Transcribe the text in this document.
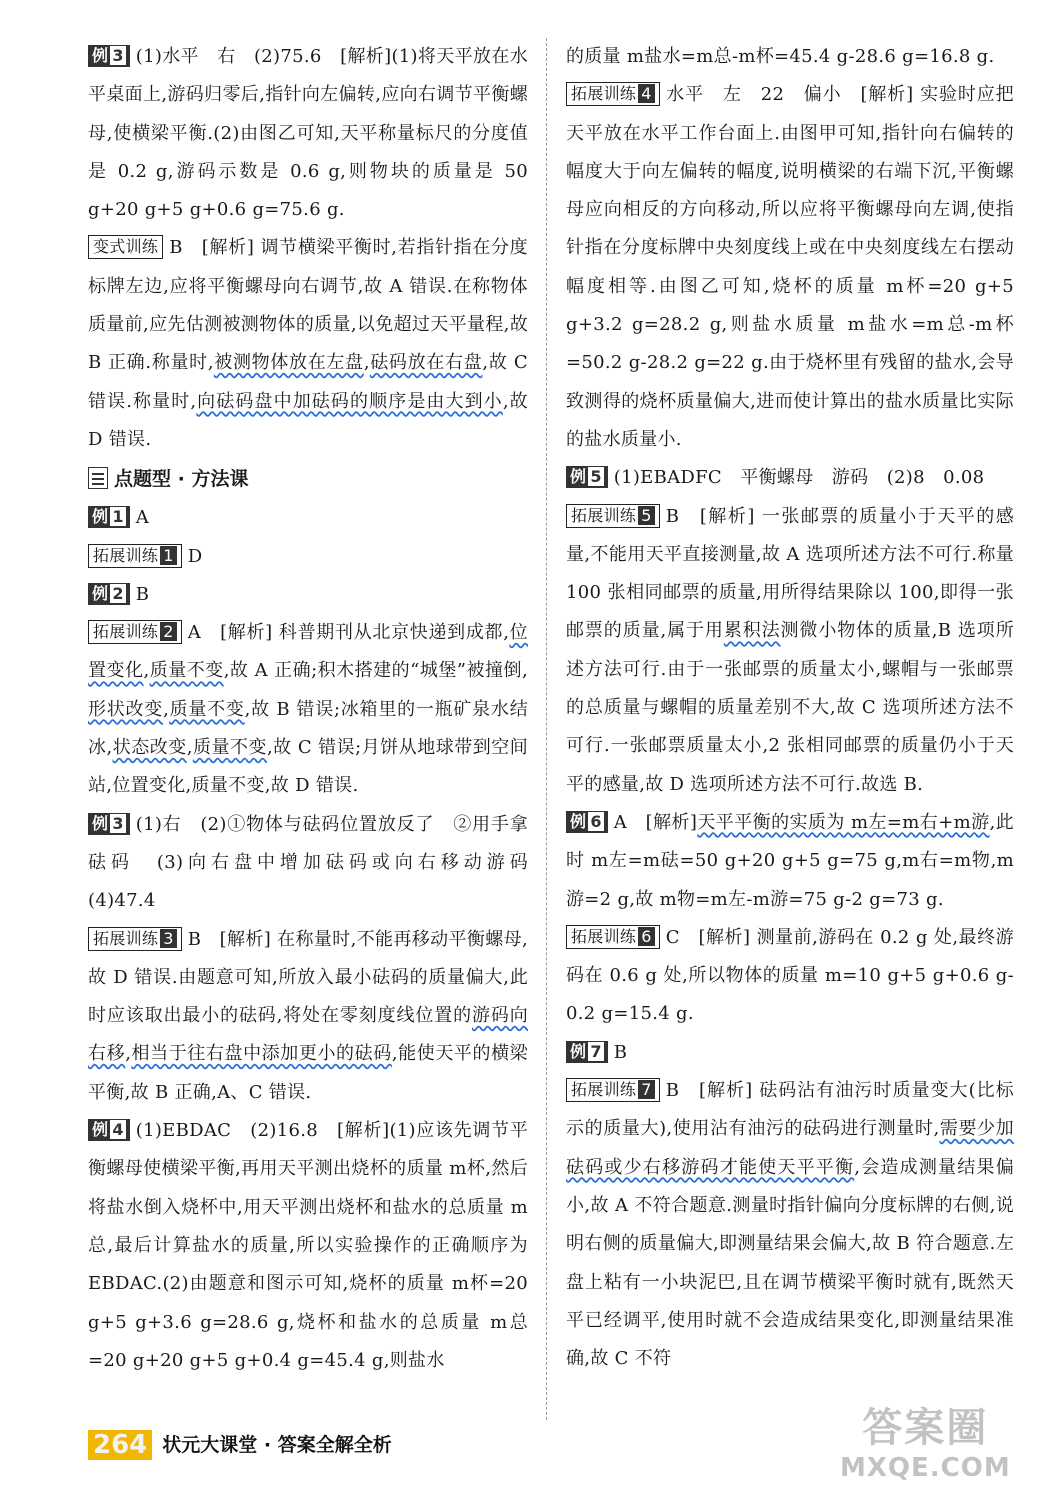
例 3 (1)水平　右　(2)75.6　[解析](1)将天平放在水平桌面上,游码归零后,指针向左偏转,应向右调节平衡螺母,使横梁平衡.(2)由图乙可知,天平称量标尺的分度值是 0.2 g,游码示数是 0.6 g,则物块的质量是 50 g+20 g+5 g+0.6 g=75.6 g.

变式训练 B　[解析] 调节横梁平衡时,若指针指在分度标牌左边,应将平衡螺母向右调节,故 A 错误.在称物体质量前,应先估测被测物体的质量,以免超过天平量程,故 B 正确.称量时,被测物体放在左盘,砝码放在右盘,故 C 错误.称量时,向砝码盘中加砝码的顺序是由大到小,故 D 错误.

点题型 · 方法课

例 1 A

拓展训练 1 D

例 2 B

拓展训练 2 A　[解析] 科普期刊从北京快递到成都,位置变化,质量不变,故 A 正确;积木搭建的“城堡”被撞倒,形状改变,质量不变,故 B 错误;冰箱里的一瓶矿泉水结冰,状态改变,质量不变,故 C 错误;月饼从地球带到空间站,位置变化,质量不变,故 D 错误.

例 3 (1)右　(2)①物体与砝码位置放反了　②用手拿砝码　(3)向右盘中增加砝码或向右移动游码　(4)47.4

拓展训练 3 B　[解析] 在称量时,不能再移动平衡螺母,故 D 错误.由题意可知,所放入最小砝码的质量偏大,此时应该取出最小的砝码,将处在零刻度线位置的游码向右移,相当于往右盘中添加更小的砝码,能使天平的横梁平衡,故 B 正确,A、C 错误.

例 4 (1)EBDAC　(2)16.8　[解析](1)应该先调节平衡螺母使横梁平衡,再用天平测出烧杯的质量 m杯,然后将盐水倒入烧杯中,用天平测出烧杯和盐水的总质量 m总,最后计算盐水的质量,所以实验操作的正确顺序为 EBDAC.(2)由题意和图示可知,烧杯的质量 m杯=20 g+5 g+3.6 g=28.6 g,烧杯和盐水的总质量 m总=20 g+20 g+5 g+0.4 g=45.4 g,则盐水

的质量 m盐水=m总-m杯=45.4 g-28.6 g=16.8 g.

拓展训练 4 水平　左　22　偏小　[解析] 实验时应把天平放在水平工作台面上.由图甲可知,指针向右偏转的幅度大于向左偏转的幅度,说明横梁的右端下沉,平衡螺母应向相反的方向移动,所以应将平衡螺母向左调,使指针指在分度标牌中央刻度线上或在中央刻度线左右摆动幅度相等.由图乙可知,烧杯的质量 m杯=20 g+5 g+3.2 g=28.2 g,则盐水质量 m盐水=m总-m杯=50.2 g-28.2 g=22 g.由于烧杯里有残留的盐水,会导致测得的烧杯质量偏大,进而使计算出的盐水质量比实际的盐水质量小.

例 5 (1)EBADFC　平衡螺母　游码　(2)8　0.08

拓展训练 5 B　[解析] 一张邮票的质量小于天平的感量,不能用天平直接测量,故 A 选项所述方法不可行.称量 100 张相同邮票的质量,用所得结果除以 100,即得一张邮票的质量,属于用累积法测微小物体的质量,B 选项所述方法可行.由于一张邮票的质量太小,螺帽与一张邮票的总质量与螺帽的质量差别不大,故 C 选项所述方法不可行.一张邮票质量太小,2 张相同邮票的质量仍小于天平的感量,故 D 选项所述方法不可行.故选 B.

例 6 A　[解析]天平平衡的实质为 m左=m右+m游,此时 m左=m砝=50 g+20 g+5 g=75 g,m右=m物,m游=2 g,故 m物=m左-m游=75 g-2 g=73 g.

拓展训练 6 C　[解析] 测量前,游码在 0.2 g 处,最终游码在 0.6 g 处,所以物体的质量 m=10 g+5 g+0.6 g-0.2 g=15.4 g.

例 7 B

拓展训练 7 B　[解析] 砝码沾有油污时质量变大(比标示的质量大),使用沾有油污的砝码进行测量时,需要少加砝码或少右移游码才能使天平平衡,会造成测量结果偏小,故 A 不符合题意.测量时指针偏向分度标牌的右侧,说明右侧的质量偏大,即测量结果会偏大,故 B 符合题意.左盘上粘有一小块泥巴,且在调节横梁平衡时就有,既然天平已经调平,使用时就不会造成结果变化,即测量结果准确,故 C 不符

264 状元大课堂 · 答案全解全析	答案圈
MXQE.COM
